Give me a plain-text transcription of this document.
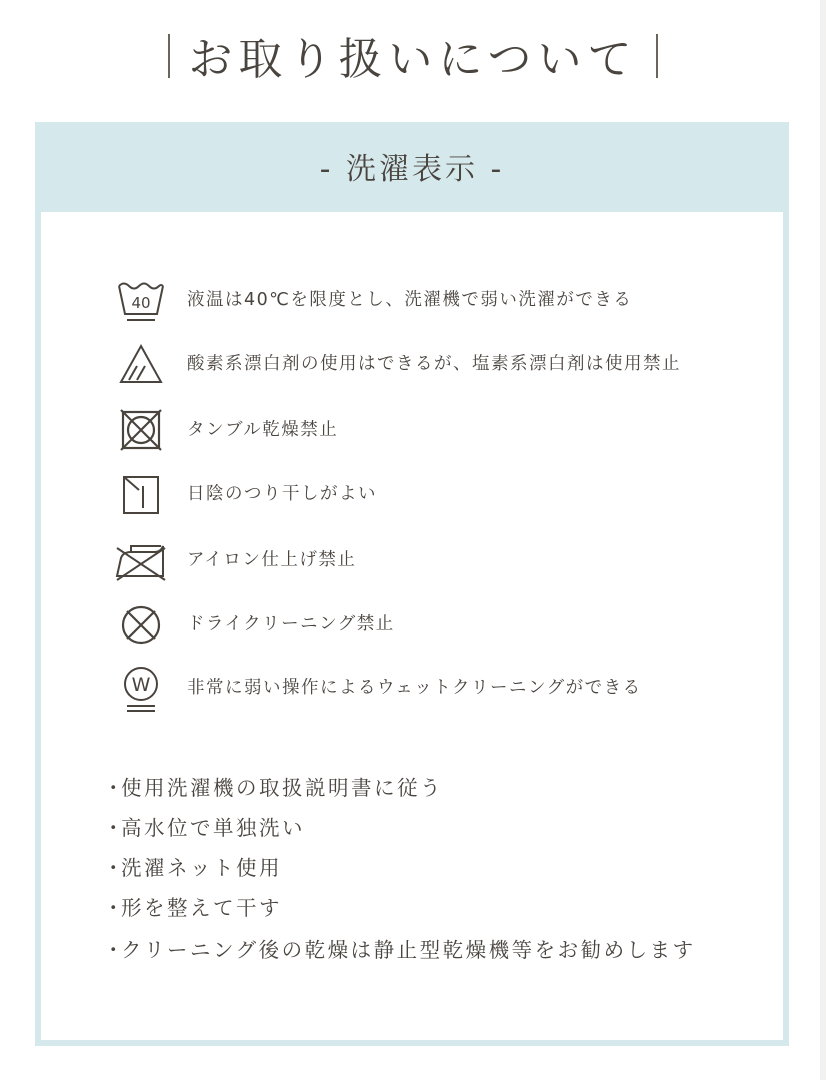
お取り扱いについて
- 洗濯表示 -
40 液温は40℃を限度とし、洗濯機で弱い洗濯ができる
酸素系漂白剤の使用はできるが、塩素系漂白剤は使用禁止
タンブル乾燥禁止
日陰のつり干しがよい
アイロン仕上げ禁止
ドライクリーニング禁止
W 非常に弱い操作によるウェットクリーニングができる
・使用洗濯機の取扱説明書に従う
・高水位で単独洗い
・洗濯ネット使用
・形を整えて干す
・クリーニング後の乾燥は静止型乾燥機等をお勧めします
